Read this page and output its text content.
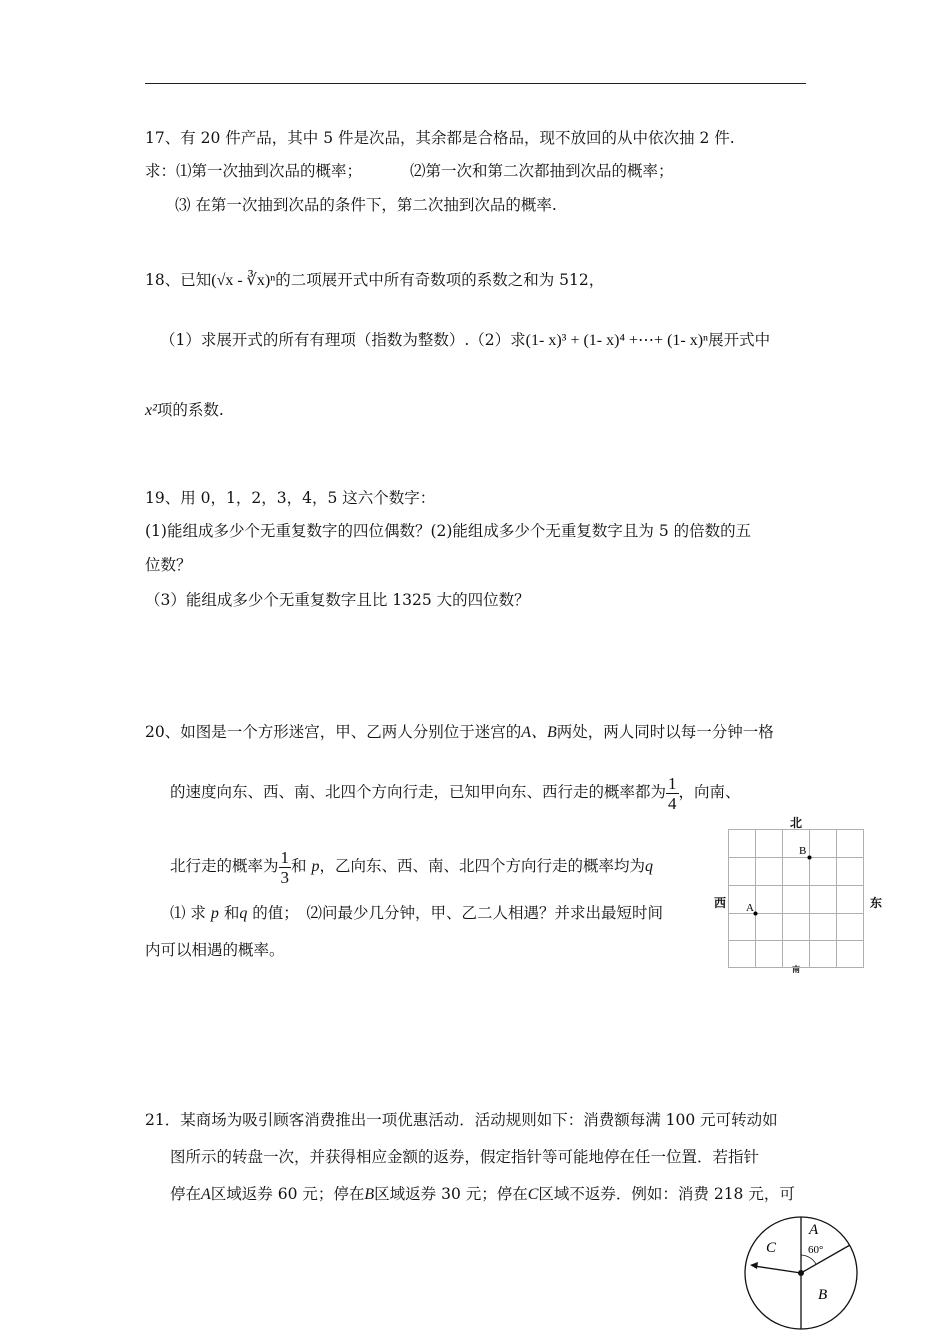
17、有 20 件产品，其中 5 件是次品，其余都是合格品，现不放回的从中依次抽 2 件.
求：⑴第一次抽到次品的概率；	⑵第一次和第二次都抽到次品的概率；
⑶ 在第一次抽到次品的条件下，第二次抽到次品的概率.
18、已知(√x - ∛x)ⁿ的二项展开式中所有奇数项的系数之和为 512，
（1）求展开式的所有有理项（指数为整数）.（2）求(1- x)³ + (1- x)⁴ +⋯+ (1- x)ⁿ展开式中
x²项的系数.
19、用 0，1，2，3，4，5 这六个数字：
(1)能组成多少个无重复数字的四位偶数？(2)能组成多少个无重复数字且为 5 的倍数的五
位数？
（3）能组成多少个无重复数字且比 1325 大的四位数？
20、如图是一个方形迷宫，甲、乙两人分别位于迷宫的A、B两处，两人同时以每一分钟一格
的速度向东、西、南、北四个方向行走，已知甲向东、西行走的概率都为 $\frac{1}{4}$ ，向南、
北行走的概率为 $\frac{1}{3}$ 和 p，乙向东、西、南、北四个方向行走的概率均为q
⑴ 求 p 和q 的值；　⑵问最少几分钟，甲、乙二人相遇？并求出最短时间
内可以相遇的概率。
北
西	东
南
B
A
21．某商场为吸引顾客消费推出一项优惠活动．活动规则如下：消费额每满 100 元可转动如
图所示的转盘一次，并获得相应金额的返券，假定指针等可能地停在任一位置．若指针
停在A区域返券 60 元；停在B区域返券 30 元；停在C区域不返券．例如：消费 218 元，可
A
60°
C
B
